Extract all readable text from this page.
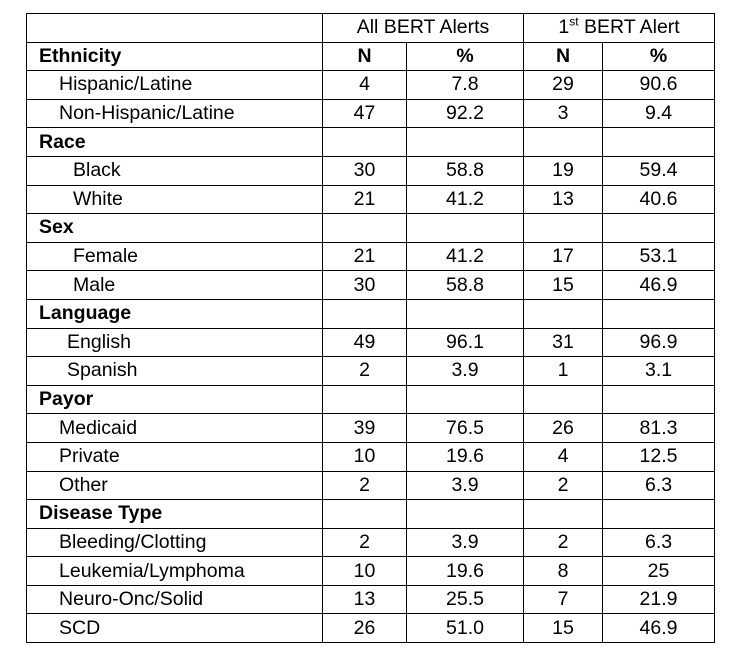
	All BERT Alerts		1st BERT Alert	
Ethnicity	N	%	N	%
Hispanic/Latine	4	7.8	29	90.6
Non-Hispanic/Latine	47	92.2	3	9.4
Race				
Black	30	58.8	19	59.4
White	21	41.2	13	40.6
Sex				
Female	21	41.2	17	53.1
Male	30	58.8	15	46.9
Language				
English	49	96.1	31	96.9
Spanish	2	3.9	1	3.1
Payor				
Medicaid	39	76.5	26	81.3
Private	10	19.6	4	12.5
Other	2	3.9	2	6.3
Disease Type				
Bleeding/Clotting	2	3.9	2	6.3
Leukemia/Lymphoma	10	19.6	8	25
Neuro-Onc/Solid	13	25.5	7	21.9
SCD	26	51.0	15	46.9
